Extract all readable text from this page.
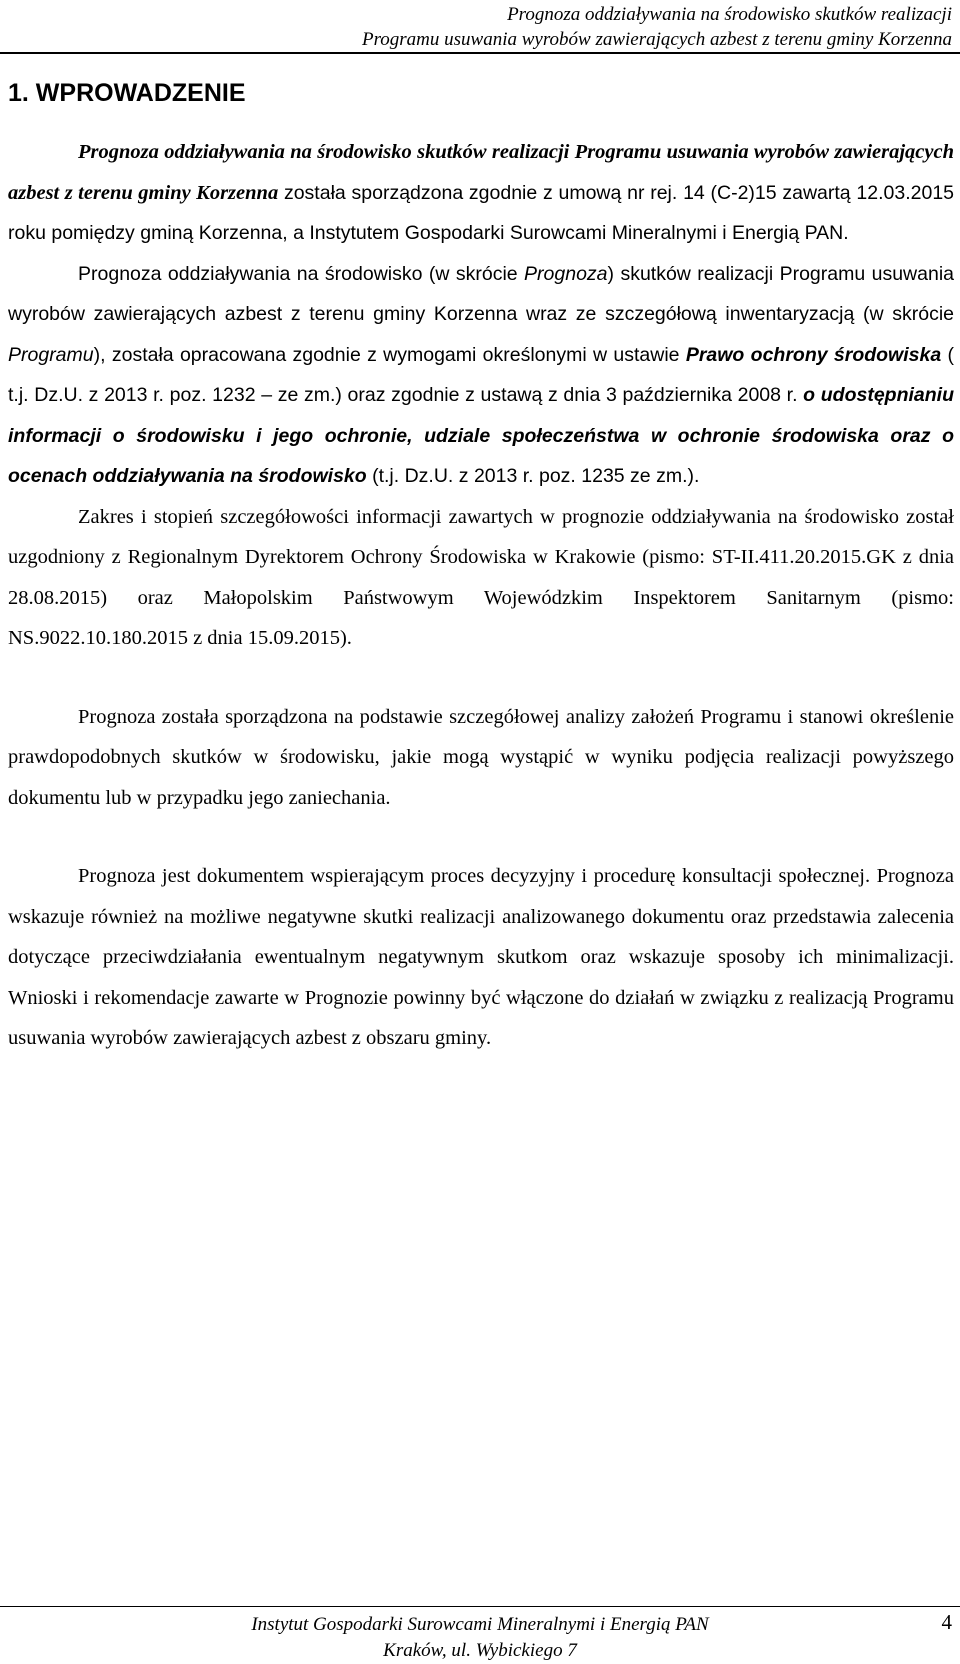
Prognoza oddziaływania na środowisko skutków realizacji
Programu usuwania wyrobów zawierających azbest z terenu gminy Korzenna
1. WPROWADZENIE

Prognoza oddziaływania na środowisko skutków realizacji Programu usuwania wyrobów zawierających azbest z terenu gminy Korzenna została sporządzona zgodnie z umową nr rej. 14 (C-2)15 zawartą 12.03.2015 roku pomiędzy gminą Korzenna, a Instytutem Gospodarki Surowcami Mineralnymi i Energią PAN.

Prognoza oddziaływania na środowisko (w skrócie Prognoza) skutków realizacji Programu usuwania wyrobów zawierających azbest z terenu gminy Korzenna wraz ze szczegółową inwentaryzacją (w skrócie Programu), została opracowana zgodnie z wymogami określonymi w ustawie Prawo ochrony środowiska ( t.j. Dz.U. z 2013 r. poz. 1232 – ze zm.) oraz zgodnie z ustawą z dnia 3 października 2008 r. o udostępnianiu informacji o środowisku i jego ochronie, udziale społeczeństwa w ochronie środowiska oraz o ocenach oddziaływania na środowisko (t.j. Dz.U. z 2013 r. poz. 1235 ze zm.).

Zakres i stopień szczegółowości informacji zawartych w prognozie oddziaływania na środowisko został uzgodniony z Regionalnym Dyrektorem Ochrony Środowiska w Krakowie (pismo: ST-II.411.20.2015.GK z dnia 28.08.2015) oraz Małopolskim Państwowym Wojewódzkim Inspektorem Sanitarnym (pismo: NS.9022.10.180.2015 z dnia 15.09.2015).

Prognoza została sporządzona na podstawie szczegółowej analizy założeń Programu i stanowi określenie prawdopodobnych skutków w środowisku, jakie mogą wystąpić w wyniku podjęcia realizacji powyższego dokumentu lub w przypadku jego zaniechania.

Prognoza jest dokumentem wspierającym proces decyzyjny i procedurę konsultacji społecznej. Prognoza wskazuje również na możliwe negatywne skutki realizacji analizowanego dokumentu oraz przedstawia zalecenia dotyczące przeciwdziałania ewentualnym negatywnym skutkom oraz wskazuje sposoby ich minimalizacji. Wnioski i rekomendacje zawarte w Prognozie powinny być włączone do działań w związku z realizacją Programu usuwania wyrobów zawierających azbest z obszaru gminy.

Instytut Gospodarki Surowcami Mineralnymi i Energią PAN
Kraków, ul. Wybickiego 7
4
